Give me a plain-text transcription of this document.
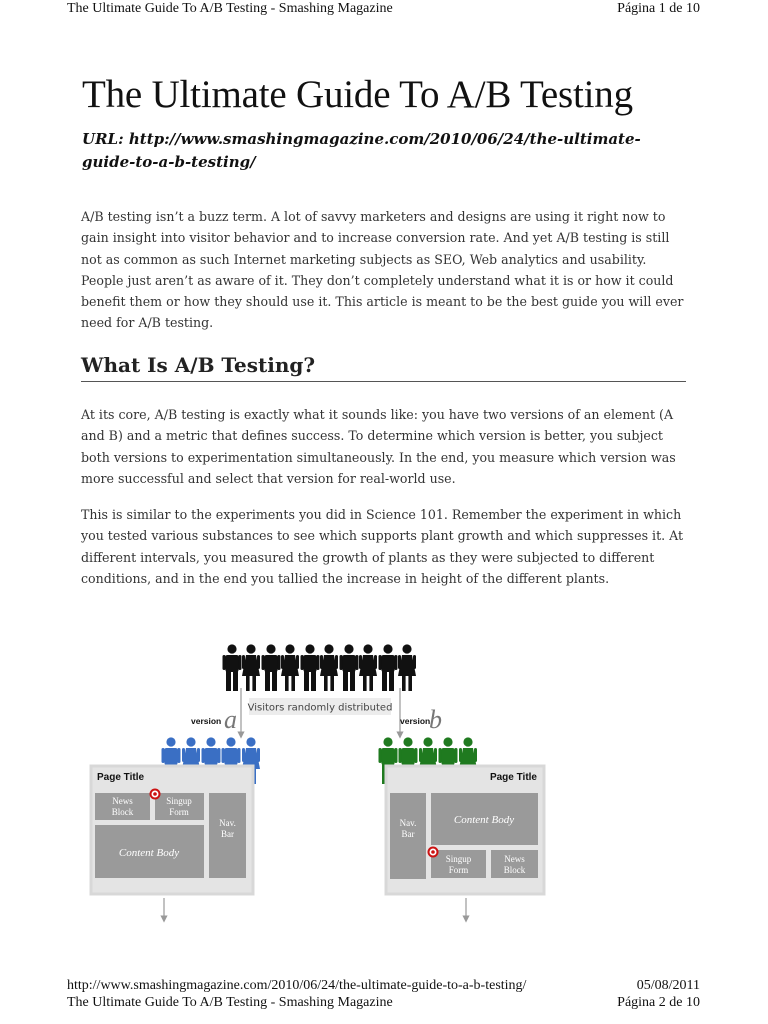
The Ultimate Guide To A/B Testing - Smashing Magazine	Página 1 de 10
The Ultimate Guide To A/B Testing
URL: http://www.smashingmagazine.com/2010/06/24/the-ultimate-
guide-to-a-b-testing/
A/B testing isn’t a buzz term. A lot of savvy marketers and designs are using it right now to gain insight into visitor behavior and to increase conversion rate. And yet A/B testing is still not as common as such Internet marketing subjects as SEO, Web analytics and usability. People just aren’t as aware of it. They don’t completely understand what it is or how it could benefit them or how they should use it. This article is meant to be the best guide you will ever need for A/B testing.
What Is A/B Testing?
At its core, A/B testing is exactly what it sounds like: you have two versions of an element (A and B) and a metric that defines success. To determine which version is better, you subject both versions to experimentation simultaneously. In the end, you measure which version was more successful and select that version for real-world use.
This is similar to the experiments you did in Science 101. Remember the experiment in which you tested various substances to see which supports plant growth and which suppresses it. At different intervals, you measured the growth of plants as they were subjected to different conditions, and in the end you tallied the increase in height of the different plants.
Visitors randomly distributed
version a	version
b
Page Title
News
Block
Singup
Form
Nav.
Bar
Content Body
Page Title
Nav.
Bar
Content Body
Singup
Form
News
Block
http://www.smashingmagazine.com/2010/06/24/the-ultimate-guide-to-a-b-testing/	05/08/2011
The Ultimate Guide To A/B Testing - Smashing Magazine	Página 2 de 10
